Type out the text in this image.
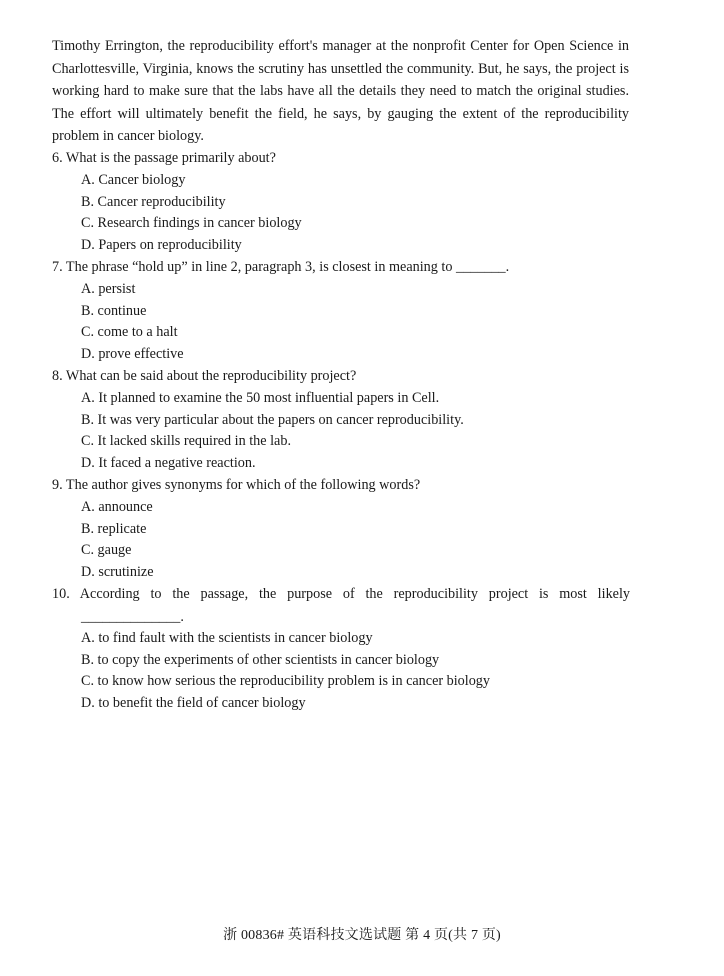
Timothy Errington, the reproducibility effort's manager at the nonprofit Center for Open Science in Charlottesville, Virginia, knows the scrutiny has unsettled the community. But, he says, the project is working hard to make sure that the labs have all the details they need to match the original studies. The effort will ultimately benefit the field, he says, by gauging the extent of the reproducibility problem in cancer biology.
6. What is the passage primarily about?
A. Cancer biology
B. Cancer reproducibility
C. Research findings in cancer biology
D. Papers on reproducibility
7. The phrase “hold up” in line 2, paragraph 3, is closest in meaning to _______.
A. persist
B. continue
C. come to a halt
D. prove effective
8. What can be said about the reproducibility project?
A. It planned to examine the 50 most influential papers in Cell.
B. It was very particular about the papers on cancer reproducibility.
C. It lacked skills required in the lab.
D. It faced a negative reaction.
9. The author gives synonyms for which of the following words?
A. announce
B. replicate
C. gauge
D. scrutinize
10. According to the passage, the purpose of the reproducibility project is most likely
______________.
A. to find fault with the scientists in cancer biology
B. to copy the experiments of other scientists in cancer biology
C. to know how serious the reproducibility problem is in cancer biology
D. to benefit the field of cancer biology
浙 00836# 英语科技文选试题 第 4 页(共 7 页)
